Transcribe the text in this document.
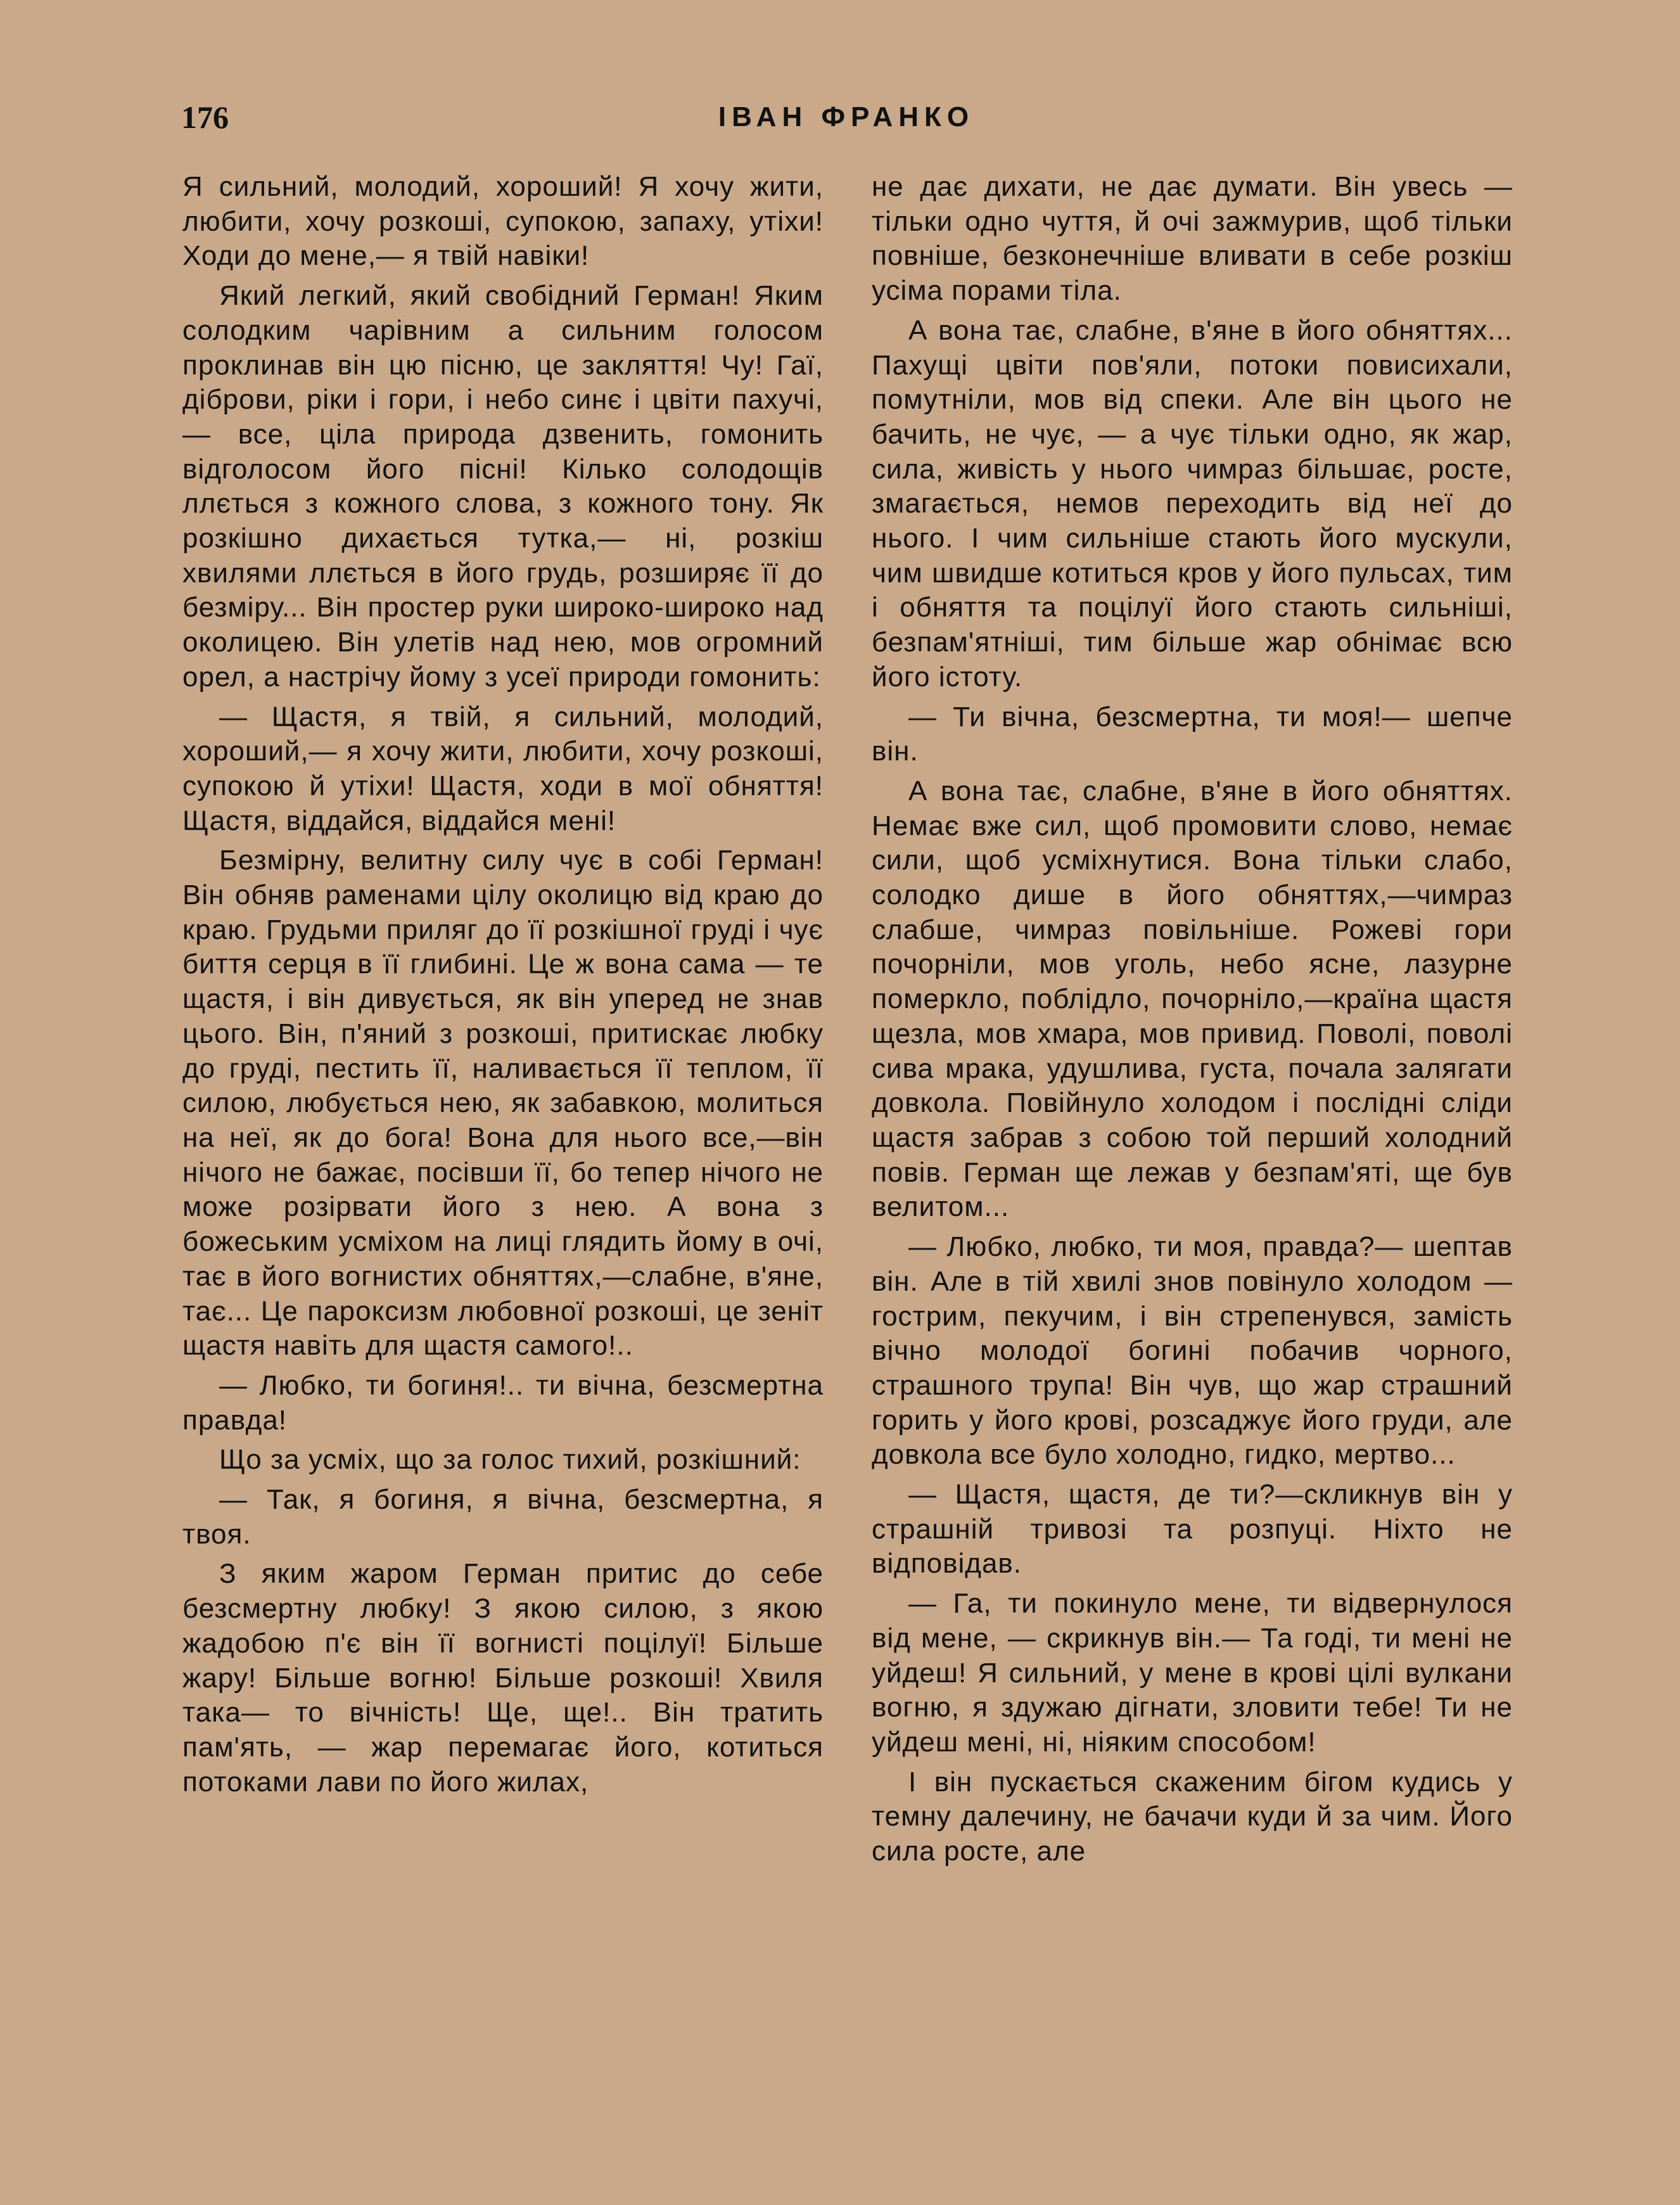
176	ІВАН ФРАНКО

Я сильний, молодий, хороший! Я хочу жити, любити, хочу розкоші, супокою, запаху, утіхи! Ходи до мене,— я твій навіки!

Який легкий, який свобідний Герман! Яким солодким чарівним а сильним голосом проклинав він цю пісню, це закляття! Чу! Гаї, діброви, ріки і гори, і небо синє і цвіти пахучі, — все, ціла природа дзвенить, гомонить відголосом його пісні! Кілько солодощів ллється з кожного слова, з кожного тону. Як розкішно дихається тутка,— ні, розкіш хвилями ллється в його грудь, розширяє її до безміру... Він простер руки широко-широко над околицею. Він улетів над нею, мов огромний орел, а настрічу йому з усеї природи гомонить:

— Щастя, я твій, я сильний, молодий, хороший,— я хочу жити, любити, хочу розкоші, супокою й утіхи! Щастя, ходи в мої обняття! Щастя, віддайся, віддайся мені!

Безмірну, велитну силу чує в собі Герман! Він обняв раменами цілу околицю від краю до краю. Грудьми приляг до її розкішної груді і чує биття серця в її глибині. Це ж вона сама — те щастя, і він дивується, як він уперед не знав цього. Він, п'яний з розкоші, притискає любку до груді, пестить її, наливається її теплом, її силою, любується нею, як забавкою, молиться на неї, як до бога! Вона для нього все,—він нічого не бажає, посівши її, бо тепер нічого не може розірвати його з нею. А вона з божеським усміхом на лиці глядить йому в очі, тає в його вогнистих обняттях,—слабне, в'яне, тає... Це пароксизм любовної розкоші, це зеніт щастя навіть для щастя самого!..

— Любко, ти богиня!.. ти вічна, безсмертна правда!

Що за усміх, що за голос тихий, розкішний:

— Так, я богиня, я вічна, безсмертна, я твоя.

З яким жаром Герман притис до себе безсмертну любку! З якою силою, з якою жадобою п'є він її вогнисті поцілуї! Більше жару! Більше вогню! Більше розкоші! Хвиля така— то вічність! Ще, ще!.. Він тратить пам'ять, — жар перемагає його, котиться потоками лави по його жилах,

не дає дихати, не дає думати. Він увесь — тільки одно чуття, й очі зажмурив, щоб тільки повніше, безконечніше вливати в себе розкіш усіма порами тіла.

А вона тає, слабне, в'яне в його обняттях... Пахущі цвіти пов'яли, потоки повисихали, помутніли, мов від спеки. Але він цього не бачить, не чує, — а чує тільки одно, як жар, сила, живість у нього чимраз більшає, росте, змагається, немов переходить від неї до нього. І чим сильніше стають його мускули, чим швидше котиться кров у його пульсах, тим і обняття та поцілуї його стають сильніші, безпам'ятніші, тим більше жар обнімає всю його істоту.

— Ти вічна, безсмертна, ти моя!— шепче він.

А вона тає, слабне, в'яне в його обняттях. Немає вже сил, щоб промовити слово, немає сили, щоб усміхнутися. Вона тільки слабо, солодко дише в його обняттях,—чимраз слабше, чимраз повільніше. Рожеві гори почорніли, мов уголь, небо ясне, лазурне померкло, поблідло, почорніло,—країна щастя щезла, мов хмара, мов привид. Поволі, поволі сива мрака, удушлива, густа, почала залягати довкола. Повійнуло холодом і послідні сліди щастя забрав з собою той перший холодний повів. Герман ще лежав у безпам'яті, ще був велитом...

— Любко, любко, ти моя, правда?— шептав він. Але в тій хвилі знов повінуло холодом — гострим, пекучим, і він стрепенувся, замість вічно молодої богині побачив чорного, страшного трупа! Він чув, що жар страшний горить у його крові, розсаджує його груди, але довкола все було холодно, гидко, мертво...

— Щастя, щастя, де ти?—скликнув він у страшній тривозі та розпуці. Ніхто не відповідав.

— Га, ти покинуло мене, ти відвернулося від мене, — скрикнув він.— Та годі, ти мені не уйдеш! Я сильний, у мене в крові цілі вулкани вогню, я здужаю дігнати, зловити тебе! Ти не уйдеш мені, ні, ніяким способом!

І він пускається скаженим бігом кудись у темну далечину, не бачачи куди й за чим. Його сила росте, але
